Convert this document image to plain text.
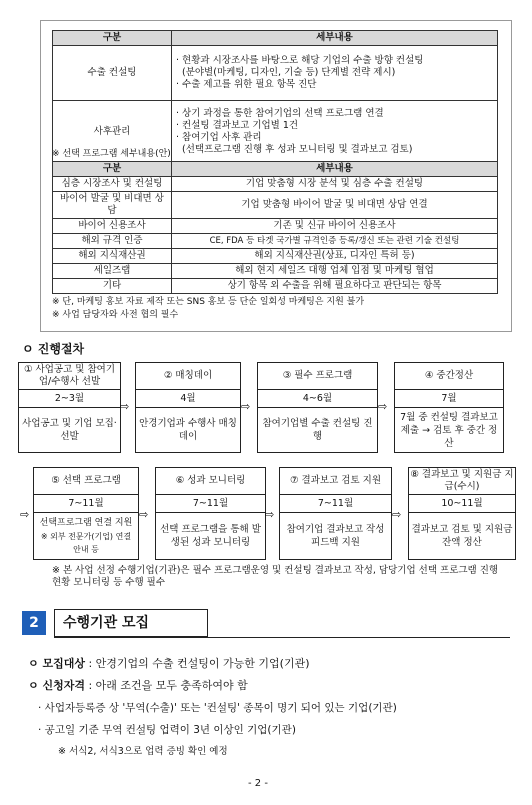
구분	세부내용
수출 컨설팅	· 현황과 시장조사를 바탕으로 해당 기업의 수출 방향 컨설팅
(분야별(마케팅, 디자인, 기술 등) 단계별 전략 제시)
· 수출 제고를 위한 필요 항목 진단

사후관리	· 상기 과정을 통한 참여기업의 선택 프로그램 연결
· 컨설팅 결과보고 기업별 1건
· 참여기업 사후 관리
(선택프로그램 진행 후 성과 모니터링 및 결과보고 검토)
※ 선택 프로그램 세부내용(안)
구분	세부내용
심층 시장조사 및 컨설팅	기업 맞춤형 시장 분석 및 심층 수출 컨설팅
바이어 발굴 및 비대면 상담	기업 맞춤형 바이어 발굴 및 비대면 상담 연결
바이어 신용조사	기존 및 신규 바이어 신용조사
해외 규격 인증	CE, FDA 등 타겟 국가별 규격인증 등록/갱신 또는 관련 기술 컨설팅
해외 지식재산권	해외 지식재산권(상표, 디자인 특허 등)
세일즈랩	해외 현지 세일즈 대행 업체 입점 및 마케팅 협업
기타	상기 항목 외 수출을 위해 필요하다고 판단되는 항목
※ 단, 마케팅 홍보 자료 제작 또는 SNS 홍보 등 단순 일회성 마케팅은 지원 불가
※ 사업 담당자와 사전 협의 필수
ㅇ 진행절차
① 사업공고 및 참여기업/수행사 선발
2~3월
사업공고 및 기업 모집·선발
⇨
② 매칭데이
4월
안경기업과 수행사 매칭데이
⇨
③ 필수 프로그램
4~6월
참여기업별 수출 컨설팅 진행
⇨
④ 중간정산
7월
7월 중 컨설팅 결과보고 제출 → 검토 후 중간 정산
⇨
⑤ 선택 프로그램
7~11월
선택프로그램 연결 지원
※ 외부 전문가(기업) 연결 안내 등
⇨
⑥ 성과 모니터링
7~11월
선택 프로그램을 통해 발생된 성과 모니터링
⇨
⑦ 결과보고 검토 지원
7~11월
참여기업 결과보고 작성 피드백 지원
⇨
⑧ 결과보고 및 지원금 지급(수시)
10~11월
결과보고 검토 및 지원금 잔액 정산
※ 본 사업 선정 수행기업(기관)은 필수 프로그램운영 및 컨설팅 결과보고 작성, 담당기업 선택 프로그램 진행 현황 모니터링 등 수행 필수
2	수행기관 모집
ㅇ 모집대상 : 안경기업의 수출 컨설팅이 가능한 기업(기관)
ㅇ 신청자격 : 아래 조건을 모두 충족하여야 함
· 사업자등록증 상 '무역(수출)' 또는 '컨설팅' 종목이 명기 되어 있는 기업(기관)
· 공고일 기준 무역 컨설팅 업력이 3년 이상인 기업(기관)
※ 서식2, 서식3으로 업력 증빙 확인 예정
- 2 -
